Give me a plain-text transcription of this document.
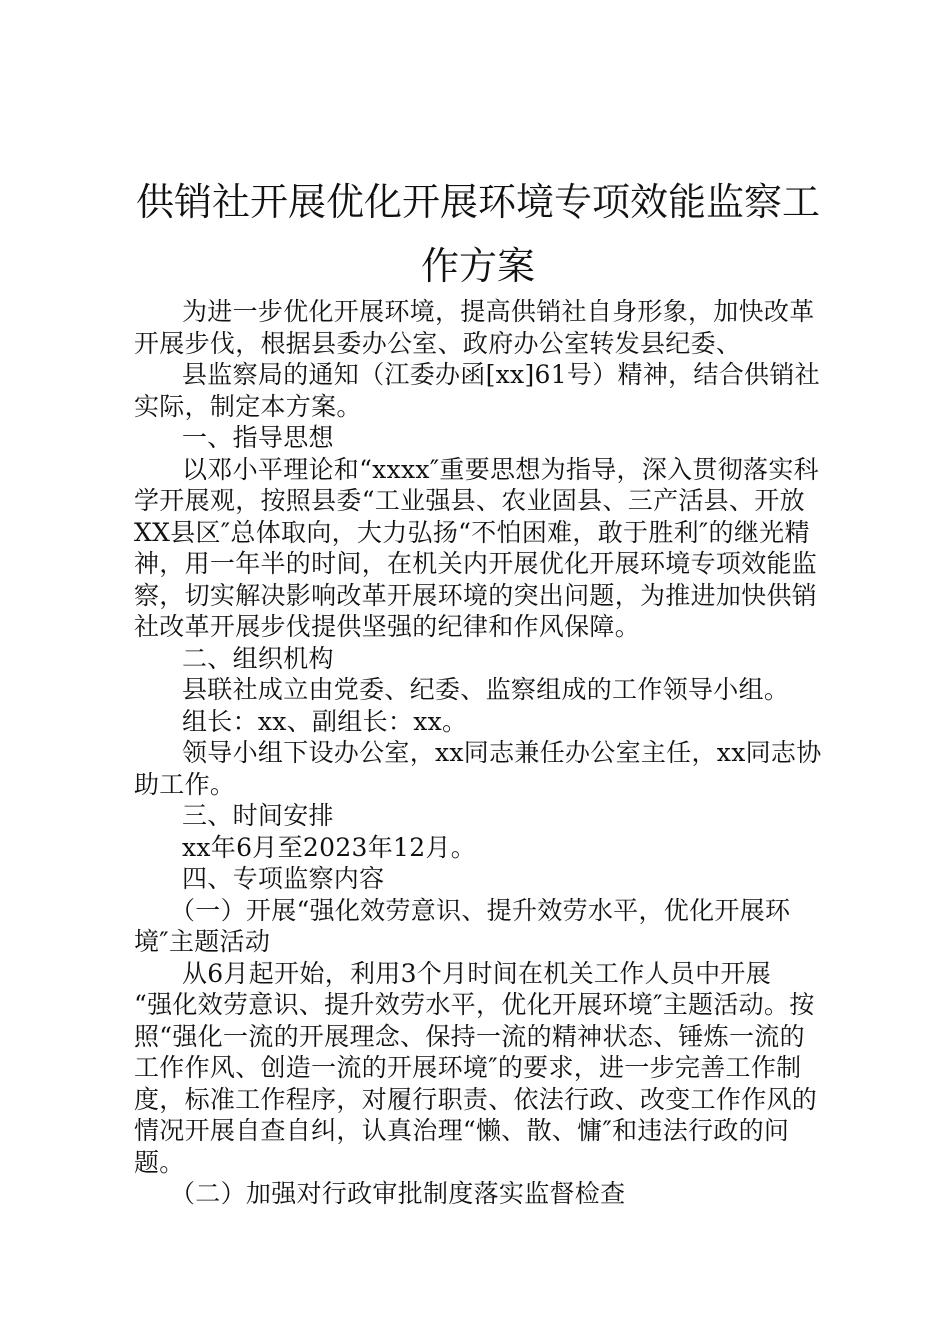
供销社开展优化开展环境专项效能监察工作方案

为进一步优化开展环境，提高供销社自身形象，加快改革开展步伐，根据县委办公室、政府办公室转发县纪委、

县监察局的通知（江委办函[xx]61号）精神，结合供销社实际，制定本方案。

一、指导思想

以邓小平理论和“xxxx″重要思想为指导，深入贯彻落实科学开展观，按照县委“工业强县、农业固县、三产活县、开放XX县区″总体取向，大力弘扬“不怕困难，敢于胜利″的继光精神，用一年半的时间，在机关内开展优化开展环境专项效能监察，切实解决影响改革开展环境的突出问题，为推进加快供销社改革开展步伐提供坚强的纪律和作风保障。

二、组织机构

县联社成立由党委、纪委、监察组成的工作领导小组。

组长：xx、副组长：xx。

领导小组下设办公室，xx同志兼任办公室主任，xx同志协助工作。

三、时间安排

xx年6月至2023年12月。

四、专项监察内容

（一）开展“强化效劳意识、提升效劳水平，优化开展环境″主题活动

从6月起开始，利用3个月时间在机关工作人员中开展

“强化效劳意识、提升效劳水平，优化开展环境″主题活动。按照“强化一流的开展理念、保持一流的精神状态、锤炼一流的工作作风、创造一流的开展环境″的要求，进一步完善工作制度，标准工作程序，对履行职责、依法行政、改变工作作风的情况开展自查自纠，认真治理“懒、散、慵″和违法行政的问题。

（二）加强对行政审批制度落实监督检查
